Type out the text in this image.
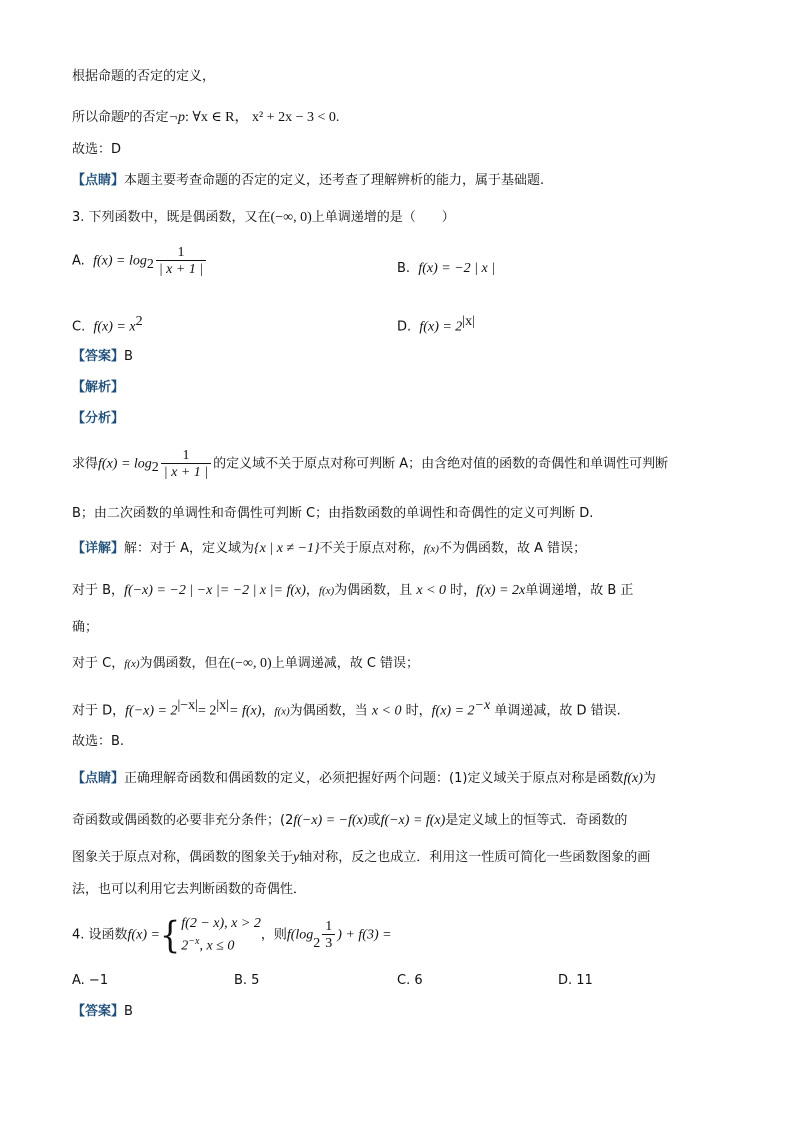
根据命题的否定的定义，
所以命题$^p$的否定¬p: ∀x ∈ R， x² + 2x − 3 < 0.
故选：D
【点睛】本题主要考查命题的否定的定义，还考查了理解辨析的能力，属于基础题.
3. 下列函数中，既是偶函数，又在(−∞, 0)上单调递增的是（　　）
A. $f(x) = \log_2 \frac{1}{| x + 1 |}$	B. f(x) = −2 | x |
C. $f(x) = x^2$	D. $f(x) = 2^{|x|}$
【答案】B
【解析】
【分析】
求得$f(x) = \log_2 \frac{1}{| x + 1 |}$ 的定义域不关于原点对称可判断 A；由含绝对值的函数的奇偶性和单调性可判断
B；由二次函数的单调性和奇偶性可判断 C；由指数函数的单调性和奇偶性的定义可判断 D.
【详解】解：对于 A，定义域为{x | x ≠ −1}不关于原点对称，f(x)不为偶函数，故 A 错误；
对于 B，f(−x) = −2 | −x |= −2 | x |= f(x)，f(x)为偶函数，且 x < 0 时，f(x) = 2x单调递增，故 B 正
确；
对于 C，f(x)为偶函数，但在(−∞, 0)上单调递减，故 C 错误；
对于 D，$f(-x) = 2^{|-x|}= 2^{|x|}= f(x)$，f(x)为偶函数，当 x < 0 时，$f(x) = 2^{-x}$ 单调递减，故 D 错误.
故选：B.
【点睛】正确理解奇函数和偶函数的定义，必须把握好两个问题：(1)定义域关于原点对称是函数f(x)为
奇函数或偶函数的必要非充分条件；(2f(−x) = −f(x)或f(−x) = f(x)是定义域上的恒等式．奇函数的
图象关于原点对称，偶函数的图象关于y轴对称，反之也成立．利用这一性质可简化一些函数图象的画
法，也可以利用它去判断函数的奇偶性．
4. 设函数f(x) ={ f(2 − x), x > 2
$2^{-x}$, x ≤ 0
，则$f(\log_2 \frac{1}{3}$ ) + f(3) =
A. −1	B. 5	C. 6	D. 11
【答案】B
